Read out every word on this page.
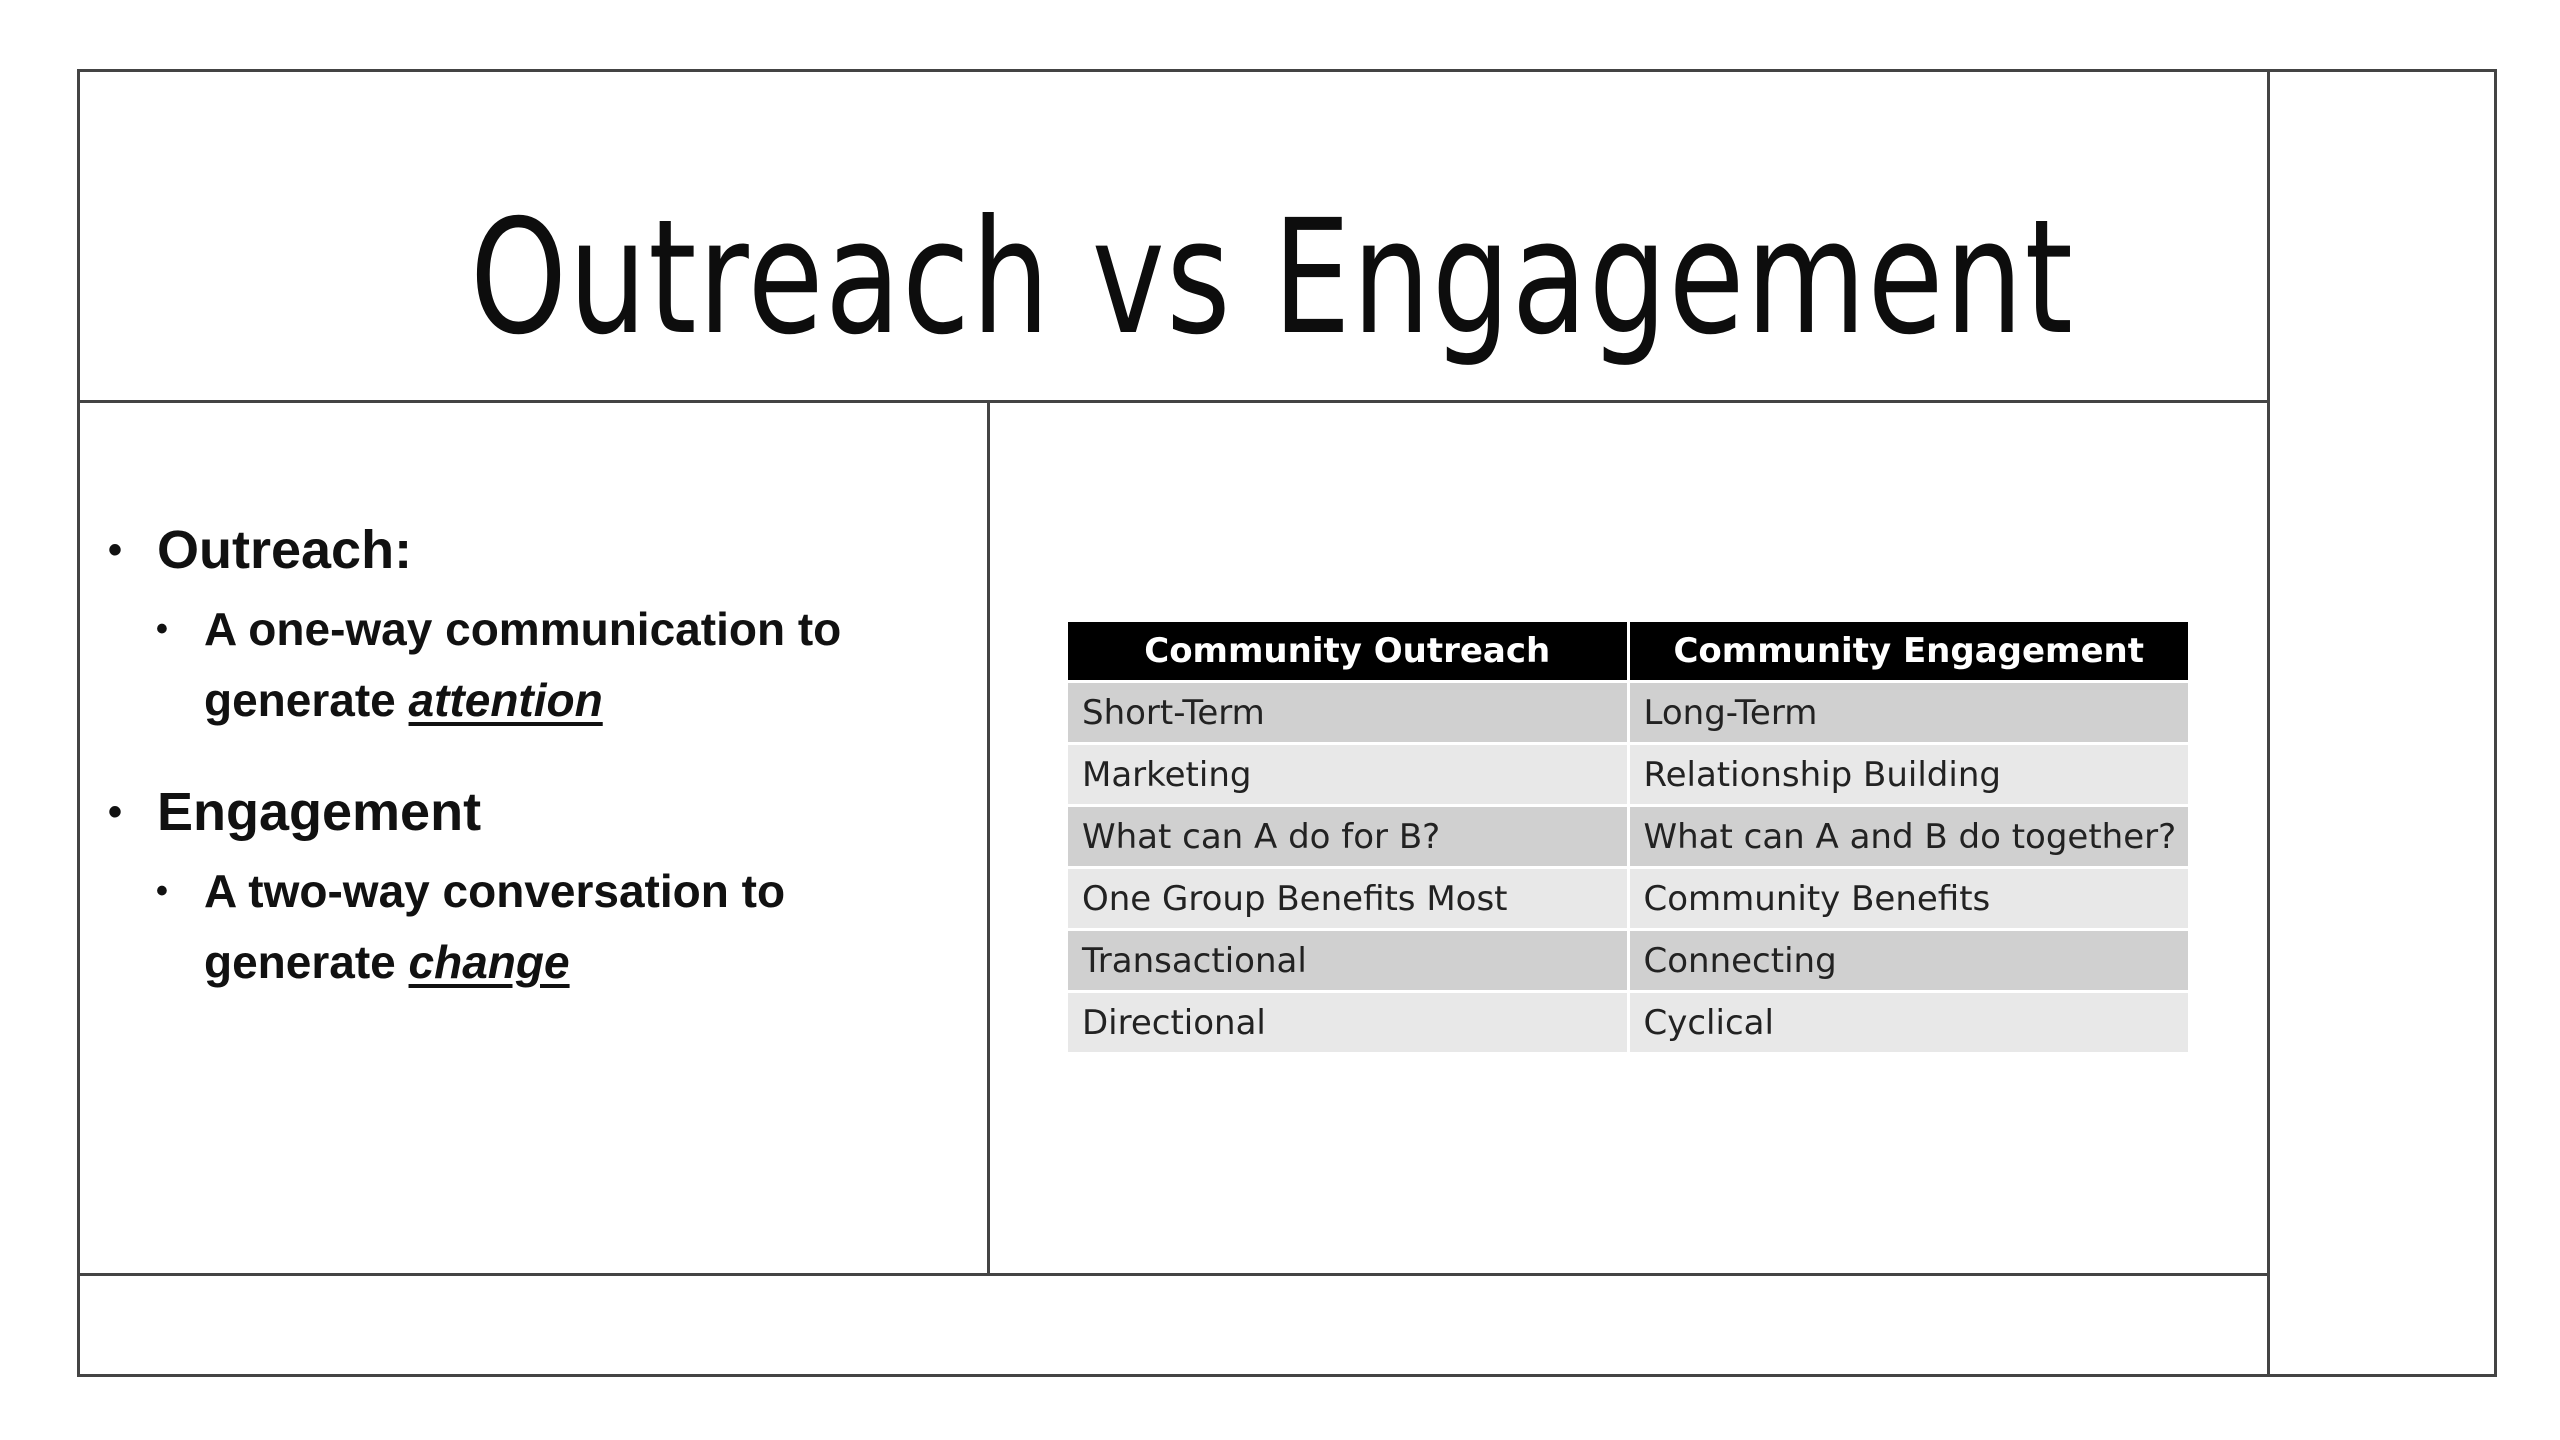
Outreach vs Engagement
• Outreach:
• A one-way communication to generate attention
• Engagement
• A two-way conversation to generate change
Community Outreach	Community Engagement
Short-Term	Long-Term
Marketing	Relationship Building
What can A do for B?	What can A and B do together?
One Group Benefits Most	Community Benefits
Transactional	Connecting
Directional	Cyclical
